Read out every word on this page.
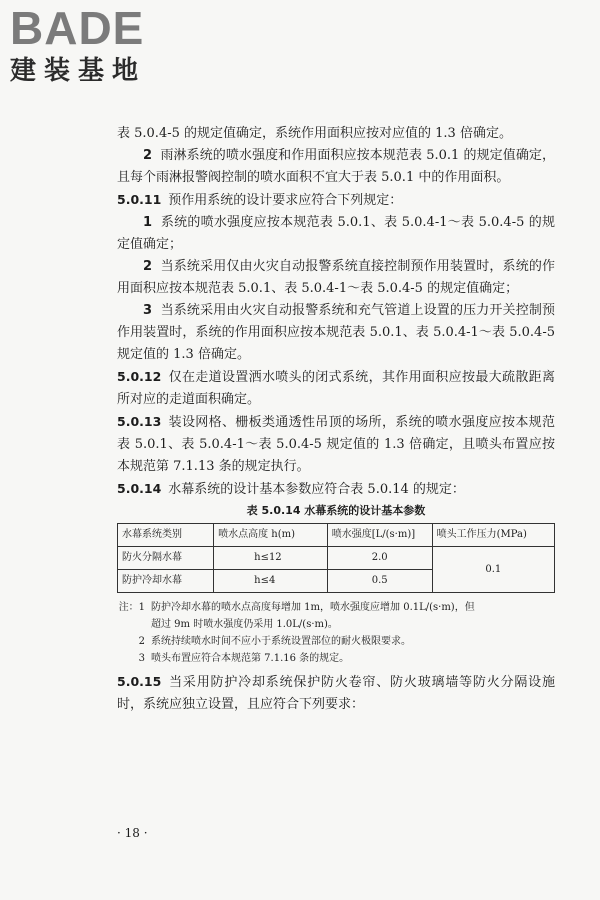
BADE
建装基地

表 5.0.4-5 的规定值确定，系统作用面积应按对应值的 1.3 倍确定。

2 雨淋系统的喷水强度和作用面积应按本规范表 5.0.1 的规定值确定，且每个雨淋报警阀控制的喷水面积不宜大于表 5.0.1 中的作用面积。

5.0.11 预作用系统的设计要求应符合下列规定：

1 系统的喷水强度应按本规范表 5.0.1、表 5.0.4-1～表 5.0.4-5 的规定值确定；

2 当系统采用仅由火灾自动报警系统直接控制预作用装置时，系统的作用面积应按本规范表 5.0.1、表 5.0.4-1～表 5.0.4-5 的规定值确定；

3 当系统采用由火灾自动报警系统和充气管道上设置的压力开关控制预作用装置时，系统的作用面积应按本规范表 5.0.1、表 5.0.4-1～表 5.0.4-5 规定值的 1.3 倍确定。

5.0.12 仅在走道设置洒水喷头的闭式系统，其作用面积应按最大疏散距离所对应的走道面积确定。

5.0.13 装设网格、栅板类通透性吊顶的场所，系统的喷水强度应按本规范表 5.0.1、表 5.0.4-1～表 5.0.4-5 规定值的 1.3 倍确定，且喷头布置应按本规范第 7.1.13 条的规定执行。

5.0.14 水幕系统的设计基本参数应符合表 5.0.14 的规定：

表 5.0.14 水幕系统的设计基本参数
水幕系统类别	喷水点高度 h(m)	喷水强度[L/(s·m)]	喷头工作压力(MPa)
防火分隔水幕	h≤12	2.0	0.1
防护冷却水幕	h≤4	0.5	
注：1 防护冷却水幕的喷水点高度每增加 1m，喷水强度应增加 0.1L/(s·m)，但
超过 9m 时喷水强度仍采用 1.0L/(s·m)。
2 系统持续喷水时间不应小于系统设置部位的耐火极限要求。
3 喷头布置应符合本规范第 7.1.16 条的规定。

5.0.15 当采用防护冷却系统保护防火卷帘、防火玻璃墙等防火分隔设施时，系统应独立设置，且应符合下列要求：

· 18 ·
